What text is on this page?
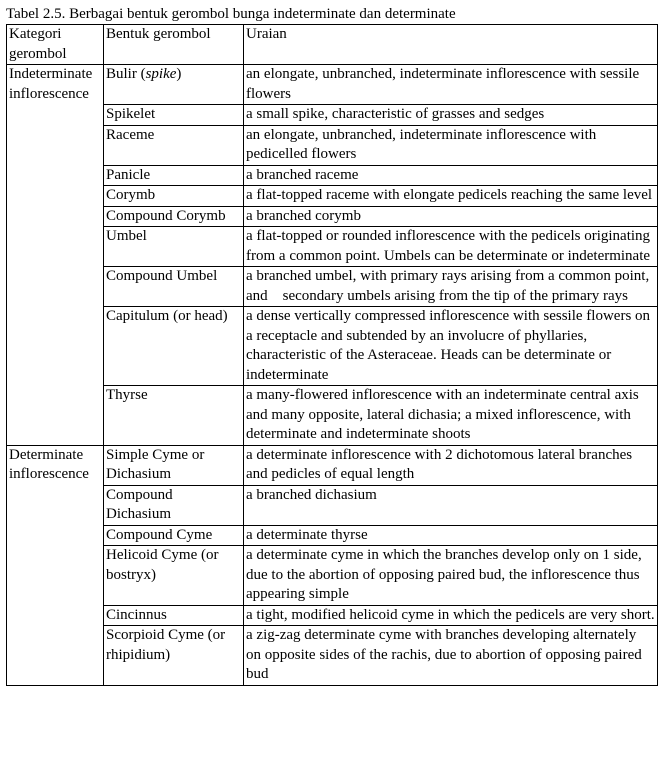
Tabel 2.5. Berbagai bentuk gerombol bunga indeterminate dan determinate
Kategori gerombol	Bentuk gerombol	Uraian
Indeterminate inflorescence	Bulir (spike)	an elongate, unbranched, indeterminate inflorescence with sessile flowers
	Spikelet	a small spike, characteristic of grasses and sedges
	Raceme	an elongate, unbranched, indeterminate inflorescence with pedicelled flowers
	Panicle	a branched raceme
	Corymb	a flat-topped raceme with elongate pedicels reaching the same level
	Compound Corymb	a branched corymb
	Umbel	a flat-topped or rounded inflorescence with the pedicels originating from a common point. Umbels can be determinate or indeterminate
	Compound Umbel	a branched umbel, with primary rays arising from a common point, and    secondary umbels arising from the tip of the primary rays
	Capitulum (or head)	a dense vertically compressed inflorescence with sessile flowers on a receptacle and subtended by an involucre of phyllaries, characteristic of the Asteraceae. Heads can be determinate or indeterminate
	Thyrse	a many-flowered inflorescence with an indeterminate central axis and many opposite, lateral dichasia; a mixed inflorescence, with determinate and indeterminate shoots
Determinate inflorescence	Simple Cyme or Dichasium	a determinate inflorescence with 2 dichotomous lateral branches and pedicles of equal length
	Compound Dichasium	a branched dichasium
	Compound Cyme	a determinate thyrse
	Helicoid Cyme (or bostryx)	a determinate cyme in which the branches develop only on 1 side, due to the abortion of opposing paired bud, the inflorescence thus appearing simple
	Cincinnus	a tight, modified helicoid cyme in which the pedicels are very short.
	Scorpioid Cyme (or rhipidium)	a zig-zag determinate cyme with branches developing alternately    on opposite sides of the rachis, due to abortion of opposing paired bud
